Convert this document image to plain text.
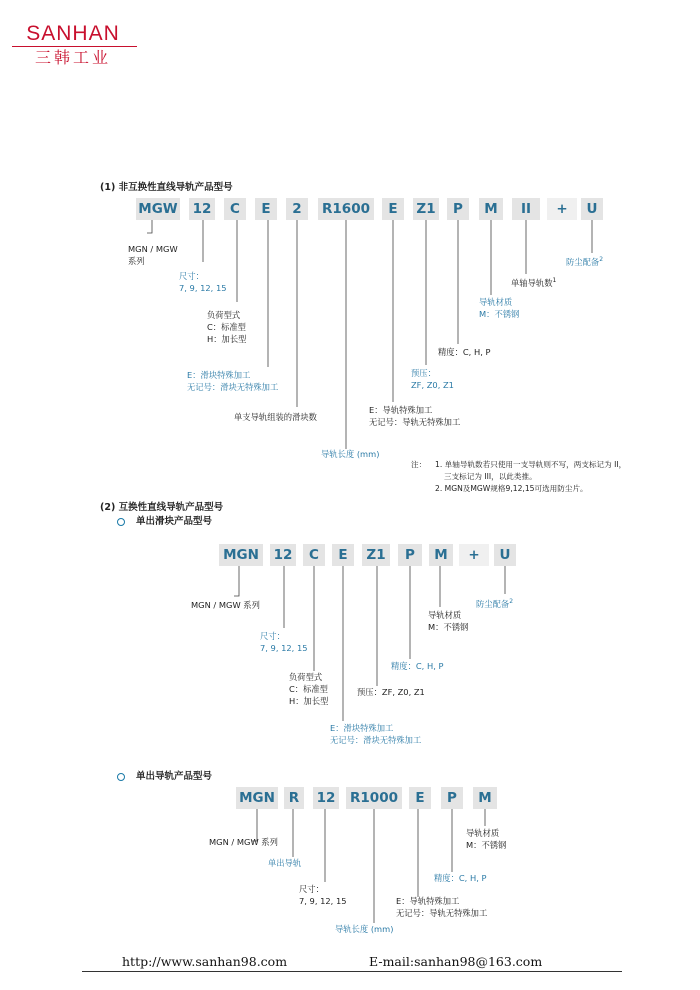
SANHAN
三韩工业
(1) 非互换性直线导轨产品型号
MGW 12	C	E	2	R1600	E	Z1	P	M	II	+	U
MGN / MGW
系列
尺寸：
7, 9, 12, 15
负荷型式
C：标准型
H：加长型
E：滑块特殊加工
无记号：滑块无特殊加工
单支导轨组装的滑块数
导轨长度 (mm)
E：导轨特殊加工
无记号：导轨无特殊加工
预压：
ZF, Z0, Z1
精度：C, H, P
导轨材质
M：不锈钢
单轴导轨数$^1$
防尘配备$^2$
注： 1. 单轴导轨数若只使用一支导轨则不写，两支标记为 II，
三支标记为 III，以此类推。
2. MGN及MGW规格9,12,15可选用防尘片。
(2) 互换性直线导轨产品型号
单出滑块产品型号
MGN	12	C	E	Z1	P	M	+	U
MGN / MGW 系列
尺寸：
7, 9, 12, 15
负荷型式
C：标准型
H：加长型
E：滑块特殊加工
无记号：滑块无特殊加工
预压：ZF, Z0, Z1
精度：C, H, P
导轨材质
M：不锈钢
防尘配备$^2$
单出导轨产品型号
MGN	R	12 R1000	E	P	M
MGN / MGW 系列
单出导轨
尺寸：
7, 9, 12, 15
导轨长度 (mm)
E：导轨特殊加工
无记号：导轨无特殊加工
精度：C, H, P
导轨材质
M：不锈钢
http://www.sanhan98.com	E-mail:sanhan98@163.com
